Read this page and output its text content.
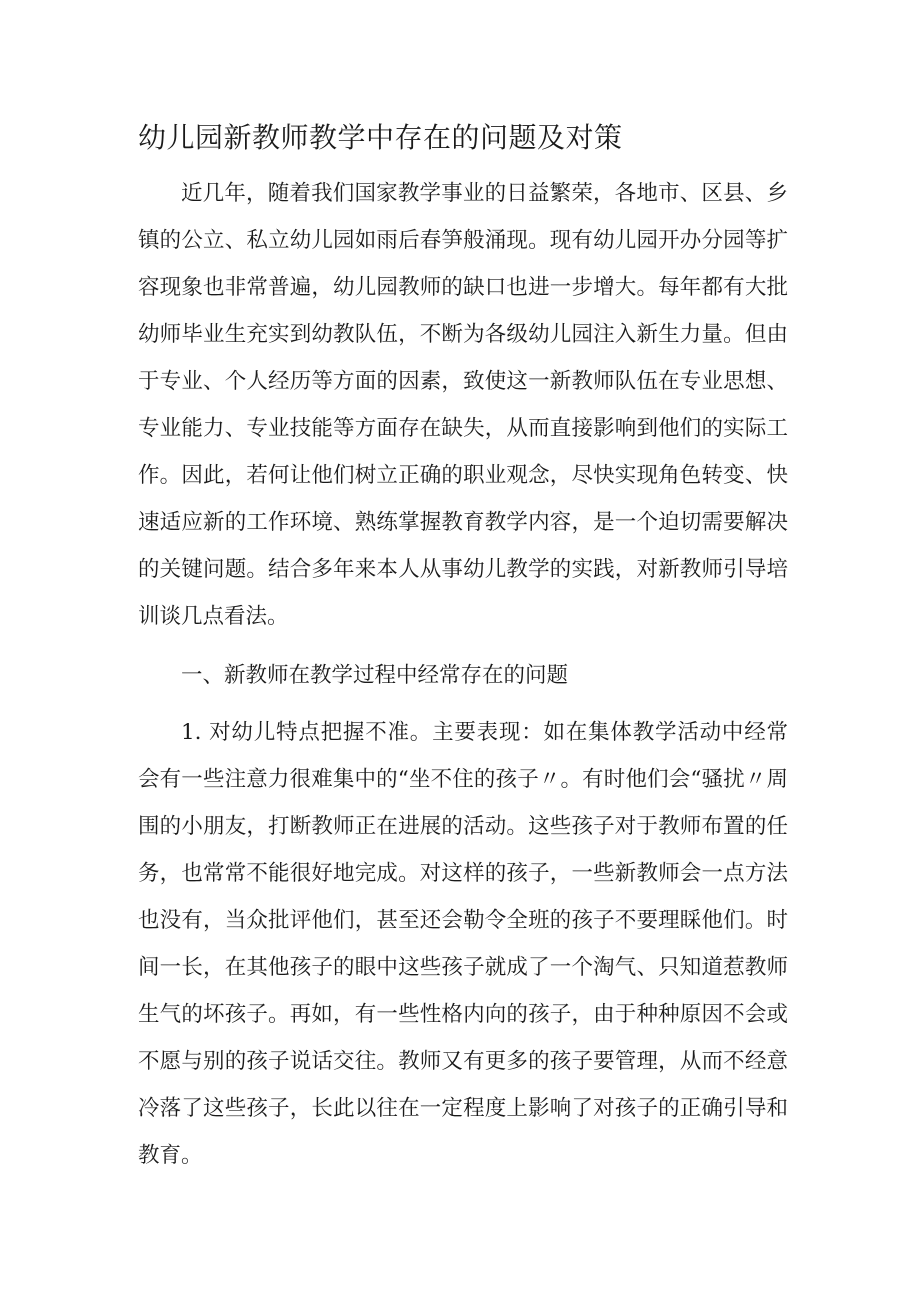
幼儿园新教师教学中存在的问题及对策

近几年，随着我们国家教学事业的日益繁荣，各地市、区县、乡镇的公立、私立幼儿园如雨后春笋般涌现。现有幼儿园开办分园等扩容现象也非常普遍，幼儿园教师的缺口也进一步增大。每年都有大批幼师毕业生充实到幼教队伍，不断为各级幼儿园注入新生力量。但由于专业、个人经历等方面的因素，致使这一新教师队伍在专业思想、专业能力、专业技能等方面存在缺失，从而直接影响到他们的实际工作。因此，若何让他们树立正确的职业观念，尽快实现角色转变、快速适应新的工作环境、熟练掌握教育教学内容，是一个迫切需要解决的关键问题。结合多年来本人从事幼儿教学的实践，对新教师引导培训谈几点看法。

一、新教师在教学过程中经常存在的问题

1. 对幼儿特点把握不准。主要表现：如在集体教学活动中经常会有一些注意力很难集中的“坐不住的孩子〃。有时他们会“骚扰〃周围的小朋友，打断教师正在进展的活动。这些孩子对于教师布置的任务，也常常不能很好地完成。对这样的孩子，一些新教师会一点方法也没有，当众批评他们，甚至还会勒令全班的孩子不要理睬他们。时间一长，在其他孩子的眼中这些孩子就成了一个淘气、只知道惹教师生气的坏孩子。再如，有一些性格内向的孩子，由于种种原因不会或不愿与别的孩子说话交往。教师又有更多的孩子要管理，从而不经意冷落了这些孩子，长此以往在一定程度上影响了对孩子的正确引导和教育。
